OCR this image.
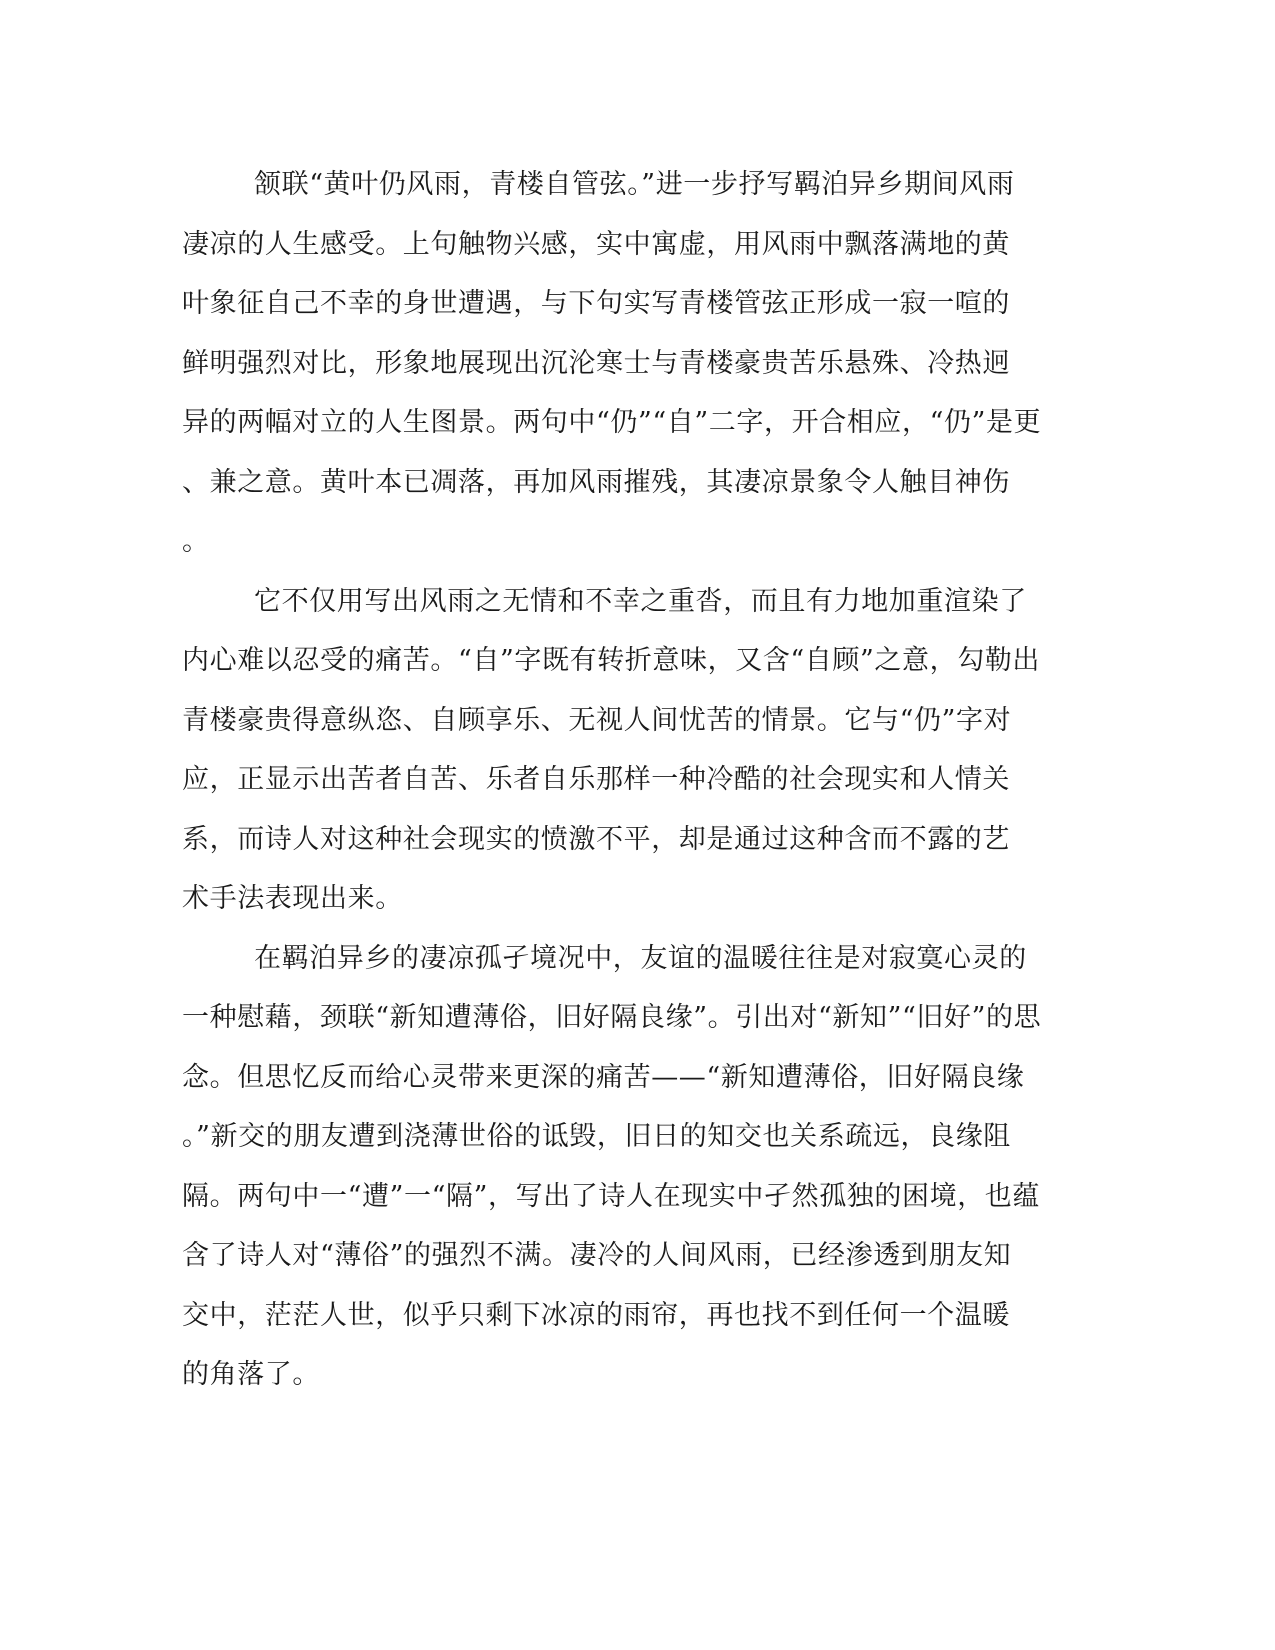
颔联“黄叶仍风雨，青楼自管弦。”进一步抒写羁泊异乡期间风雨
凄凉的人生感受。上句触物兴感，实中寓虚，用风雨中飘落满地的黄
叶象征自己不幸的身世遭遇，与下句实写青楼管弦正形成一寂一喧的
鲜明强烈对比，形象地展现出沉沦寒士与青楼豪贵苦乐悬殊、冷热迥
异的两幅对立的人生图景。两句中“仍”“自”二字，开合相应，“仍”是更
、兼之意。黄叶本已凋落，再加风雨摧残，其凄凉景象令人触目神伤
。
它不仅用写出风雨之无情和不幸之重沓，而且有力地加重渲染了
内心难以忍受的痛苦。“自”字既有转折意味，又含“自顾”之意，勾勒出
青楼豪贵得意纵恣、自顾享乐、无视人间忧苦的情景。它与“仍”字对
应，正显示出苦者自苦、乐者自乐那样一种冷酷的社会现实和人情关
系，而诗人对这种社会现实的愤激不平，却是通过这种含而不露的艺
术手法表现出来。
在羁泊异乡的凄凉孤孑境况中，友谊的温暖往往是对寂寞心灵的
一种慰藉，颈联“新知遭薄俗，旧好隔良缘”。引出对“新知”“旧好”的思
念。但思忆反而给心灵带来更深的痛苦——“新知遭薄俗，旧好隔良缘
。”新交的朋友遭到浇薄世俗的诋毁，旧日的知交也关系疏远，良缘阻
隔。两句中一“遭”一“隔”，写出了诗人在现实中孑然孤独的困境，也蕴
含了诗人对“薄俗”的强烈不满。凄冷的人间风雨，已经渗透到朋友知
交中，茫茫人世，似乎只剩下冰凉的雨帘，再也找不到任何一个温暖
的角落了。
